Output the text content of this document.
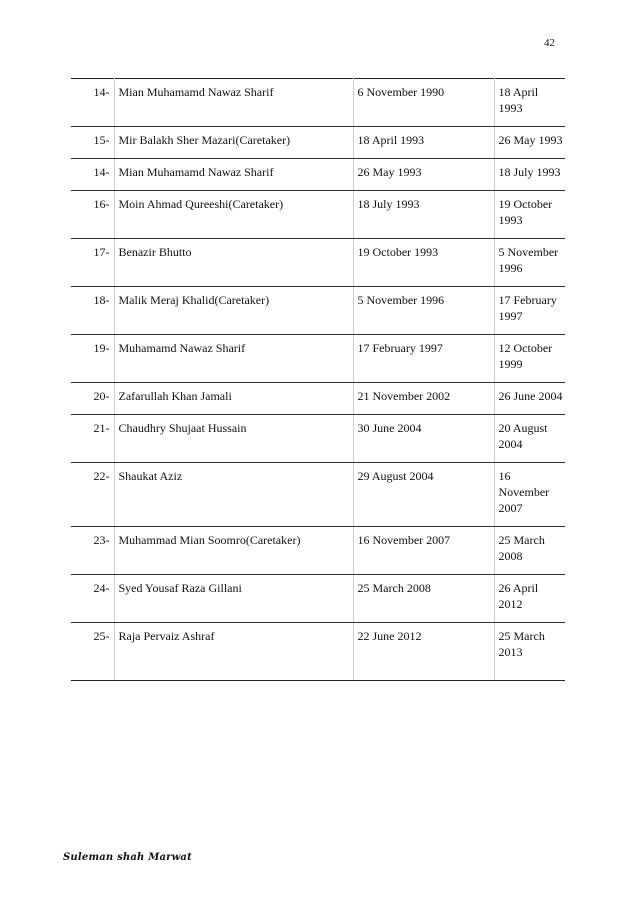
42
14-	Mian Muhamamd Nawaz Sharif	6 November 1990	18 April 1993
15-	Mir Balakh Sher Mazari(Caretaker)	18 April 1993	26 May 1993
14-	Mian Muhamamd Nawaz Sharif	26 May 1993	18 July 1993
16-	Moin Ahmad Qureeshi(Caretaker)	18 July 1993	19 October 1993
17-	Benazir Bhutto	19 October 1993	5 November 1996
18-	Malik Meraj Khalid(Caretaker)	5 November 1996	17 February 1997
19-	Muhamamd Nawaz Sharif	17 February 1997	12 October 1999
20-	Zafarullah Khan Jamali	21 November 2002	26 June 2004
21-	Chaudhry Shujaat Hussain	30 June 2004	20 August 2004
22-	Shaukat Aziz	29 August 2004	16 November 2007
23-	Muhammad Mian Soomro(Caretaker)	16 November 2007	25 March 2008
24-	Syed Yousaf Raza Gillani	25 March 2008	26 April 2012
25-	Raja Pervaiz Ashraf	22 June 2012	25 March 2013
Suleman shah Marwat
